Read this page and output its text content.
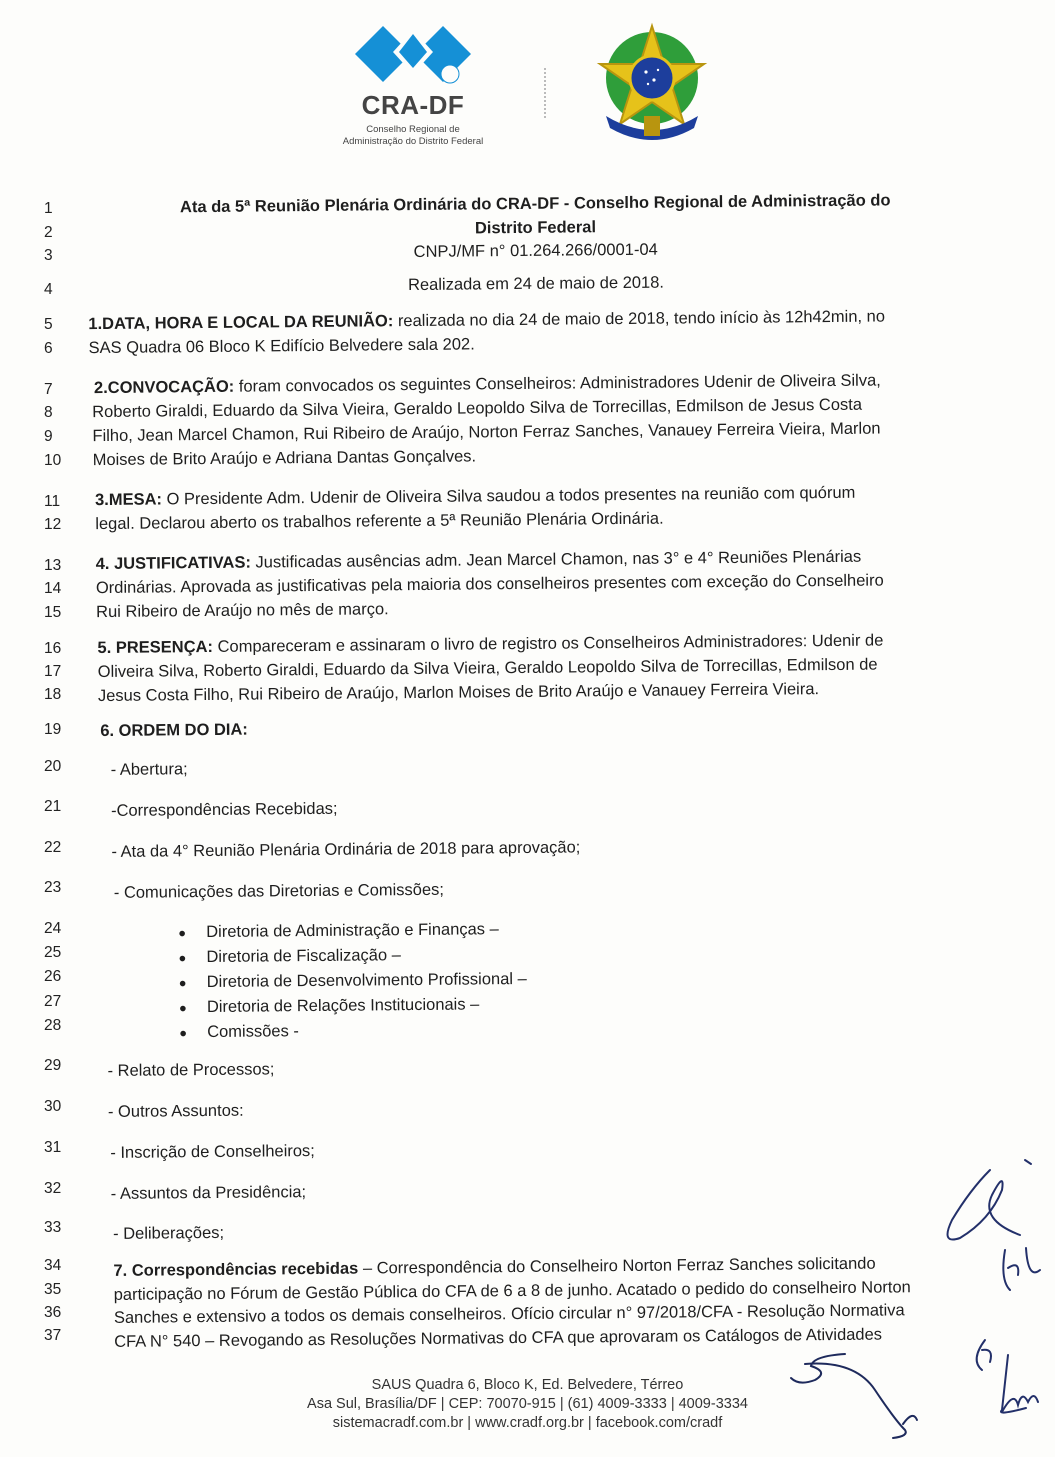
CRA-DF
Conselho Regional de
Administração do Distrito Federal
1
2
3
4
5
6
7
8
9
10
11
12
13
14
15
16
17
18
19
20
21
22
23
24
25
26
27
28
29
30
31
32
33
34
35
36
37
Ata da 5ª Reunião Plenária Ordinária do CRA-DF - Conselho Regional de Administração do
Distrito Federal
CNPJ/MF n° 01.264.266/0001-04
Realizada em 24 de maio de 2018.
1.DATA, HORA E LOCAL DA REUNIÃO: realizada no dia 24 de maio de 2018, tendo início às 12h42min, no
SAS Quadra 06 Bloco K Edifício Belvedere sala 202.
2.CONVOCAÇÃO: foram convocados os seguintes Conselheiros: Administradores Udenir de Oliveira Silva,
Roberto Giraldi, Eduardo da Silva Vieira, Geraldo Leopoldo Silva de Torrecillas, Edmilson de Jesus Costa
Filho, Jean Marcel Chamon, Rui Ribeiro de Araújo, Norton Ferraz Sanches, Vanauey Ferreira Vieira, Marlon
Moises de Brito Araújo e Adriana Dantas Gonçalves.
3.MESA: O Presidente Adm. Udenir de Oliveira Silva saudou a todos presentes na reunião com quórum
legal. Declarou aberto os trabalhos referente a 5ª Reunião Plenária Ordinária.
4. JUSTIFICATIVAS: Justificadas ausências adm. Jean Marcel Chamon, nas 3° e 4° Reuniões Plenárias
Ordinárias. Aprovada as justificativas pela maioria dos conselheiros presentes com exceção do Conselheiro
Rui Ribeiro de Araújo no mês de março.
5. PRESENÇA: Compareceram e assinaram o livro de registro os Conselheiros Administradores: Udenir de
Oliveira Silva, Roberto Giraldi, Eduardo da Silva Vieira, Geraldo Leopoldo Silva de Torrecillas, Edmilson de
Jesus Costa Filho, Rui Ribeiro de Araújo, Marlon Moises de Brito Araújo e Vanauey Ferreira Vieira.
6. ORDEM DO DIA:
- Abertura;
-Correspondências Recebidas;
- Ata da 4° Reunião Plenária Ordinária de 2018 para aprovação;
- Comunicações das Diretorias e Comissões;
● Diretoria de Administração e Finanças –
● Diretoria de Fiscalização –
● Diretoria de Desenvolvimento Profissional –
● Diretoria de Relações Institucionais –
● Comissões -
- Relato de Processos;
- Outros Assuntos:
- Inscrição de Conselheiros;
- Assuntos da Presidência;
- Deliberações;
7. Correspondências recebidas – Correspondência do Conselheiro Norton Ferraz Sanches solicitando
participação no Fórum de Gestão Pública do CFA de 6 a 8 de junho. Acatado o pedido do conselheiro Norton
Sanches e extensivo a todos os demais conselheiros. Ofício circular n° 97/2018/CFA - Resolução Normativa
CFA N° 540 – Revogando as Resoluções Normativas do CFA que aprovaram os Catálogos de Atividades
SAUS Quadra 6, Bloco K, Ed. Belvedere, Térreo
Asa Sul, Brasília/DF | CEP: 70070-915 | (61) 4009-3333 | 4009-3334
sistemacradf.com.br | www.cradf.org.br | facebook.com/cradf
